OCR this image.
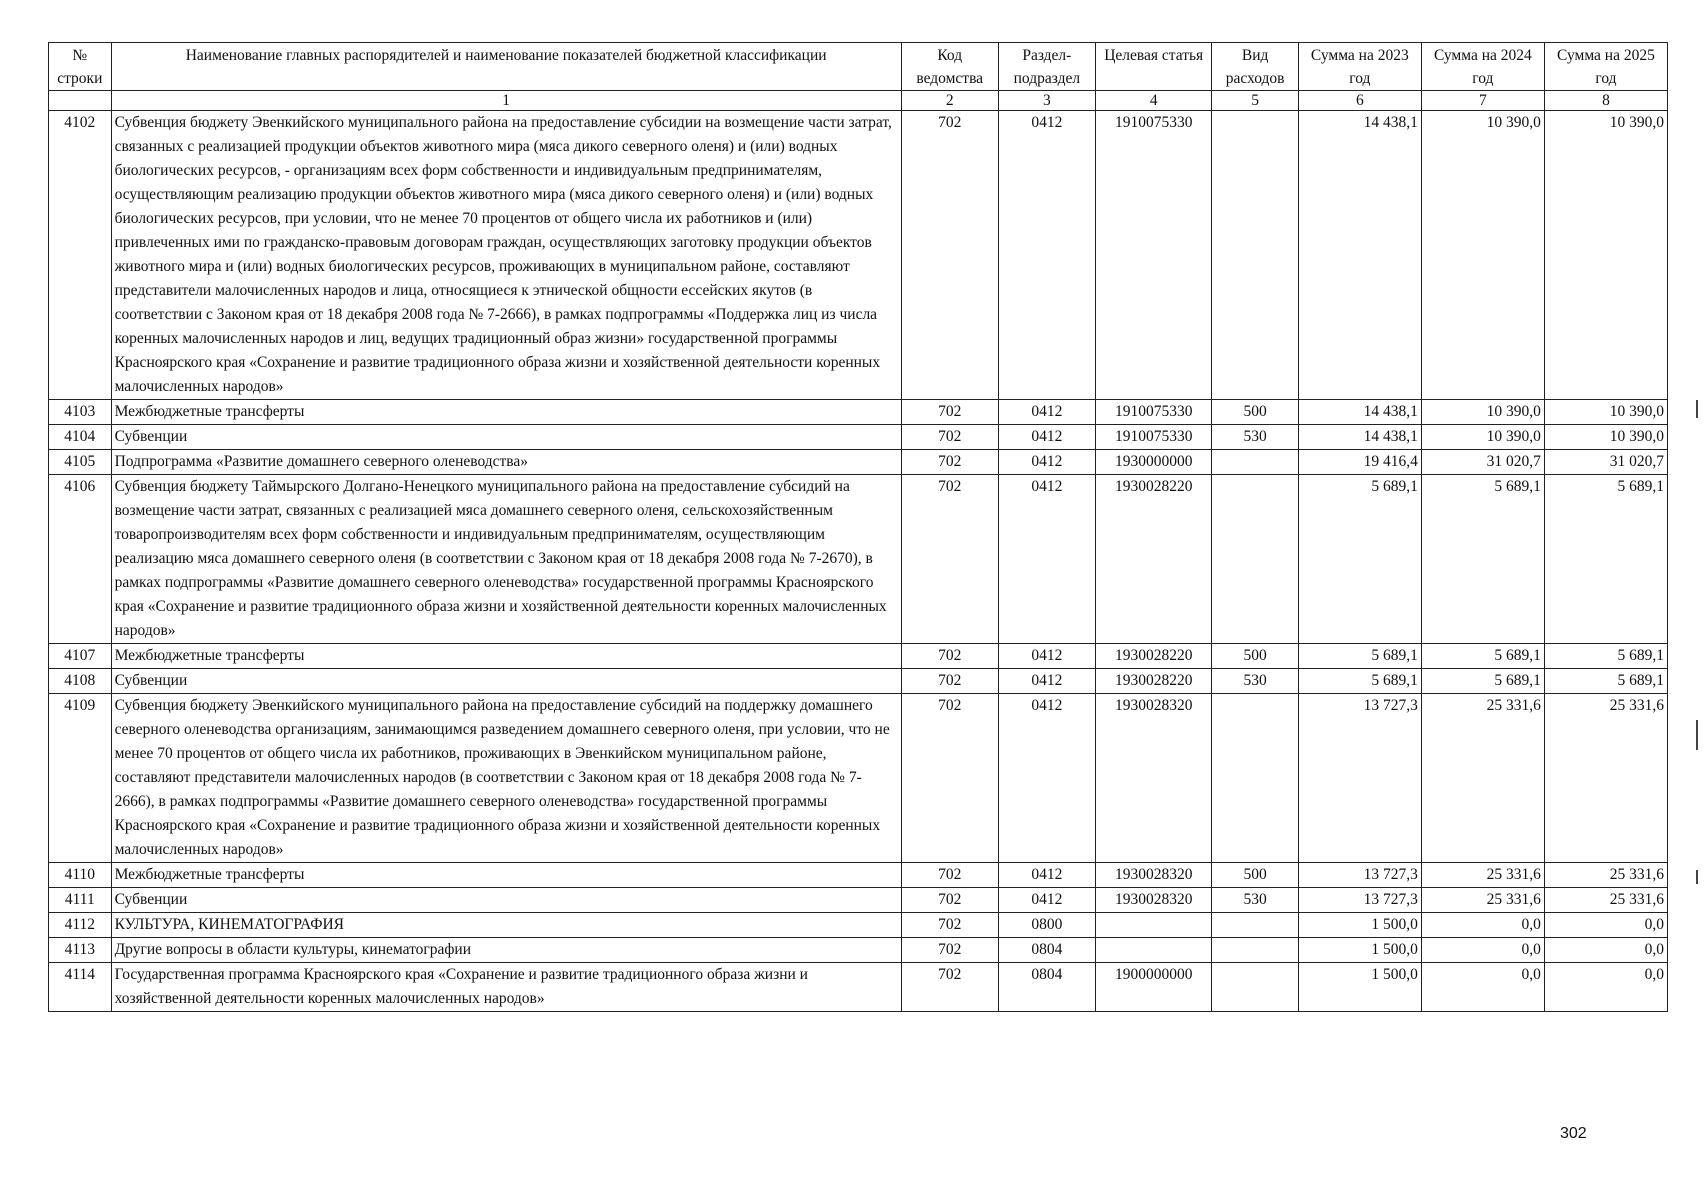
№ строки	Наименование главных распорядителей и наименование показателей бюджетной классификации	Код ведомства	Раздел-подраздел	Целевая статья	Вид расходов	Сумма на 2023 год	Сумма на 2024 год	Сумма на 2025 год
	1	2	3	4	5	6	7	8
4102	Субвенция бюджету Эвенкийского муниципального района на предоставление субсидии на возмещение части затрат, связанных с реализацией продукции объектов животного мира (мяса дикого северного оленя) и (или) водных биологических ресурсов, - организациям всех форм собственности и индивидуальным предпринимателям, осуществляющим реализацию продукции объектов животного мира (мяса дикого северного оленя) и (или) водных биологических ресурсов, при условии, что не менее 70 процентов от общего числа их работников и (или) привлеченных ими по гражданско-правовым договорам граждан, осуществляющих заготовку продукции объектов животного мира и (или) водных биологических ресурсов, проживающих в муниципальном районе, составляют представители малочисленных народов и лица, относящиеся к этнической общности ессейских якутов (в соответствии с Законом края от 18 декабря 2008 года № 7-2666), в рамках подпрограммы «Поддержка лиц из числа коренных малочисленных народов и лиц, ведущих традиционный образ жизни» государственной программы Красноярского края «Сохранение и развитие традиционного образа жизни и хозяйственной деятельности коренных малочисленных народов»	702	0412	1910075330		14 438,1	10 390,0	10 390,0
4103	Межбюджетные трансферты	702	0412	1910075330	500	14 438,1	10 390,0	10 390,0
4104	Субвенции	702	0412	1910075330	530	14 438,1	10 390,0	10 390,0
4105	Подпрограмма «Развитие домашнего северного оленеводства»	702	0412	1930000000		19 416,4	31 020,7	31 020,7
4106	Субвенция бюджету Таймырского Долгано-Ненецкого муниципального района на предоставление субсидий на возмещение части затрат, связанных с реализацией мяса домашнего северного оленя, сельскохозяйственным товаропроизводителям всех форм собственности и индивидуальным предпринимателям, осуществляющим реализацию мяса домашнего северного оленя (в соответствии с Законом края от 18 декабря 2008 года № 7-2670), в рамках подпрограммы «Развитие домашнего северного оленеводства» государственной программы Красноярского края «Сохранение и развитие традиционного образа жизни и хозяйственной деятельности коренных малочисленных народов»	702	0412	1930028220		5 689,1	5 689,1	5 689,1
4107	Межбюджетные трансферты	702	0412	1930028220	500	5 689,1	5 689,1	5 689,1
4108	Субвенции	702	0412	1930028220	530	5 689,1	5 689,1	5 689,1
4109	Субвенция бюджету Эвенкийского муниципального района на предоставление субсидий на поддержку домашнего северного оленеводства организациям, занимающимся разведением домашнего северного оленя, при условии, что не менее 70 процентов от общего числа их работников, проживающих в Эвенкийском муниципальном районе, составляют представители малочисленных народов (в соответствии с Законом края от 18 декабря 2008 года № 7-2666), в рамках подпрограммы «Развитие домашнего северного оленеводства» государственной программы Красноярского края «Сохранение и развитие традиционного образа жизни и хозяйственной деятельности коренных малочисленных народов»	702	0412	1930028320		13 727,3	25 331,6	25 331,6
4110	Межбюджетные трансферты	702	0412	1930028320	500	13 727,3	25 331,6	25 331,6
4111	Субвенции	702	0412	1930028320	530	13 727,3	25 331,6	25 331,6
4112	КУЛЬТУРА, КИНЕМАТОГРАФИЯ	702	0800			1 500,0	0,0	0,0
4113	Другие вопросы в области культуры, кинематографии	702	0804			1 500,0	0,0	0,0
4114	Государственная программа Красноярского края «Сохранение и развитие традиционного образа жизни и хозяйственной деятельности коренных малочисленных народов»	702	0804	1900000000		1 500,0	0,0	0,0
302
